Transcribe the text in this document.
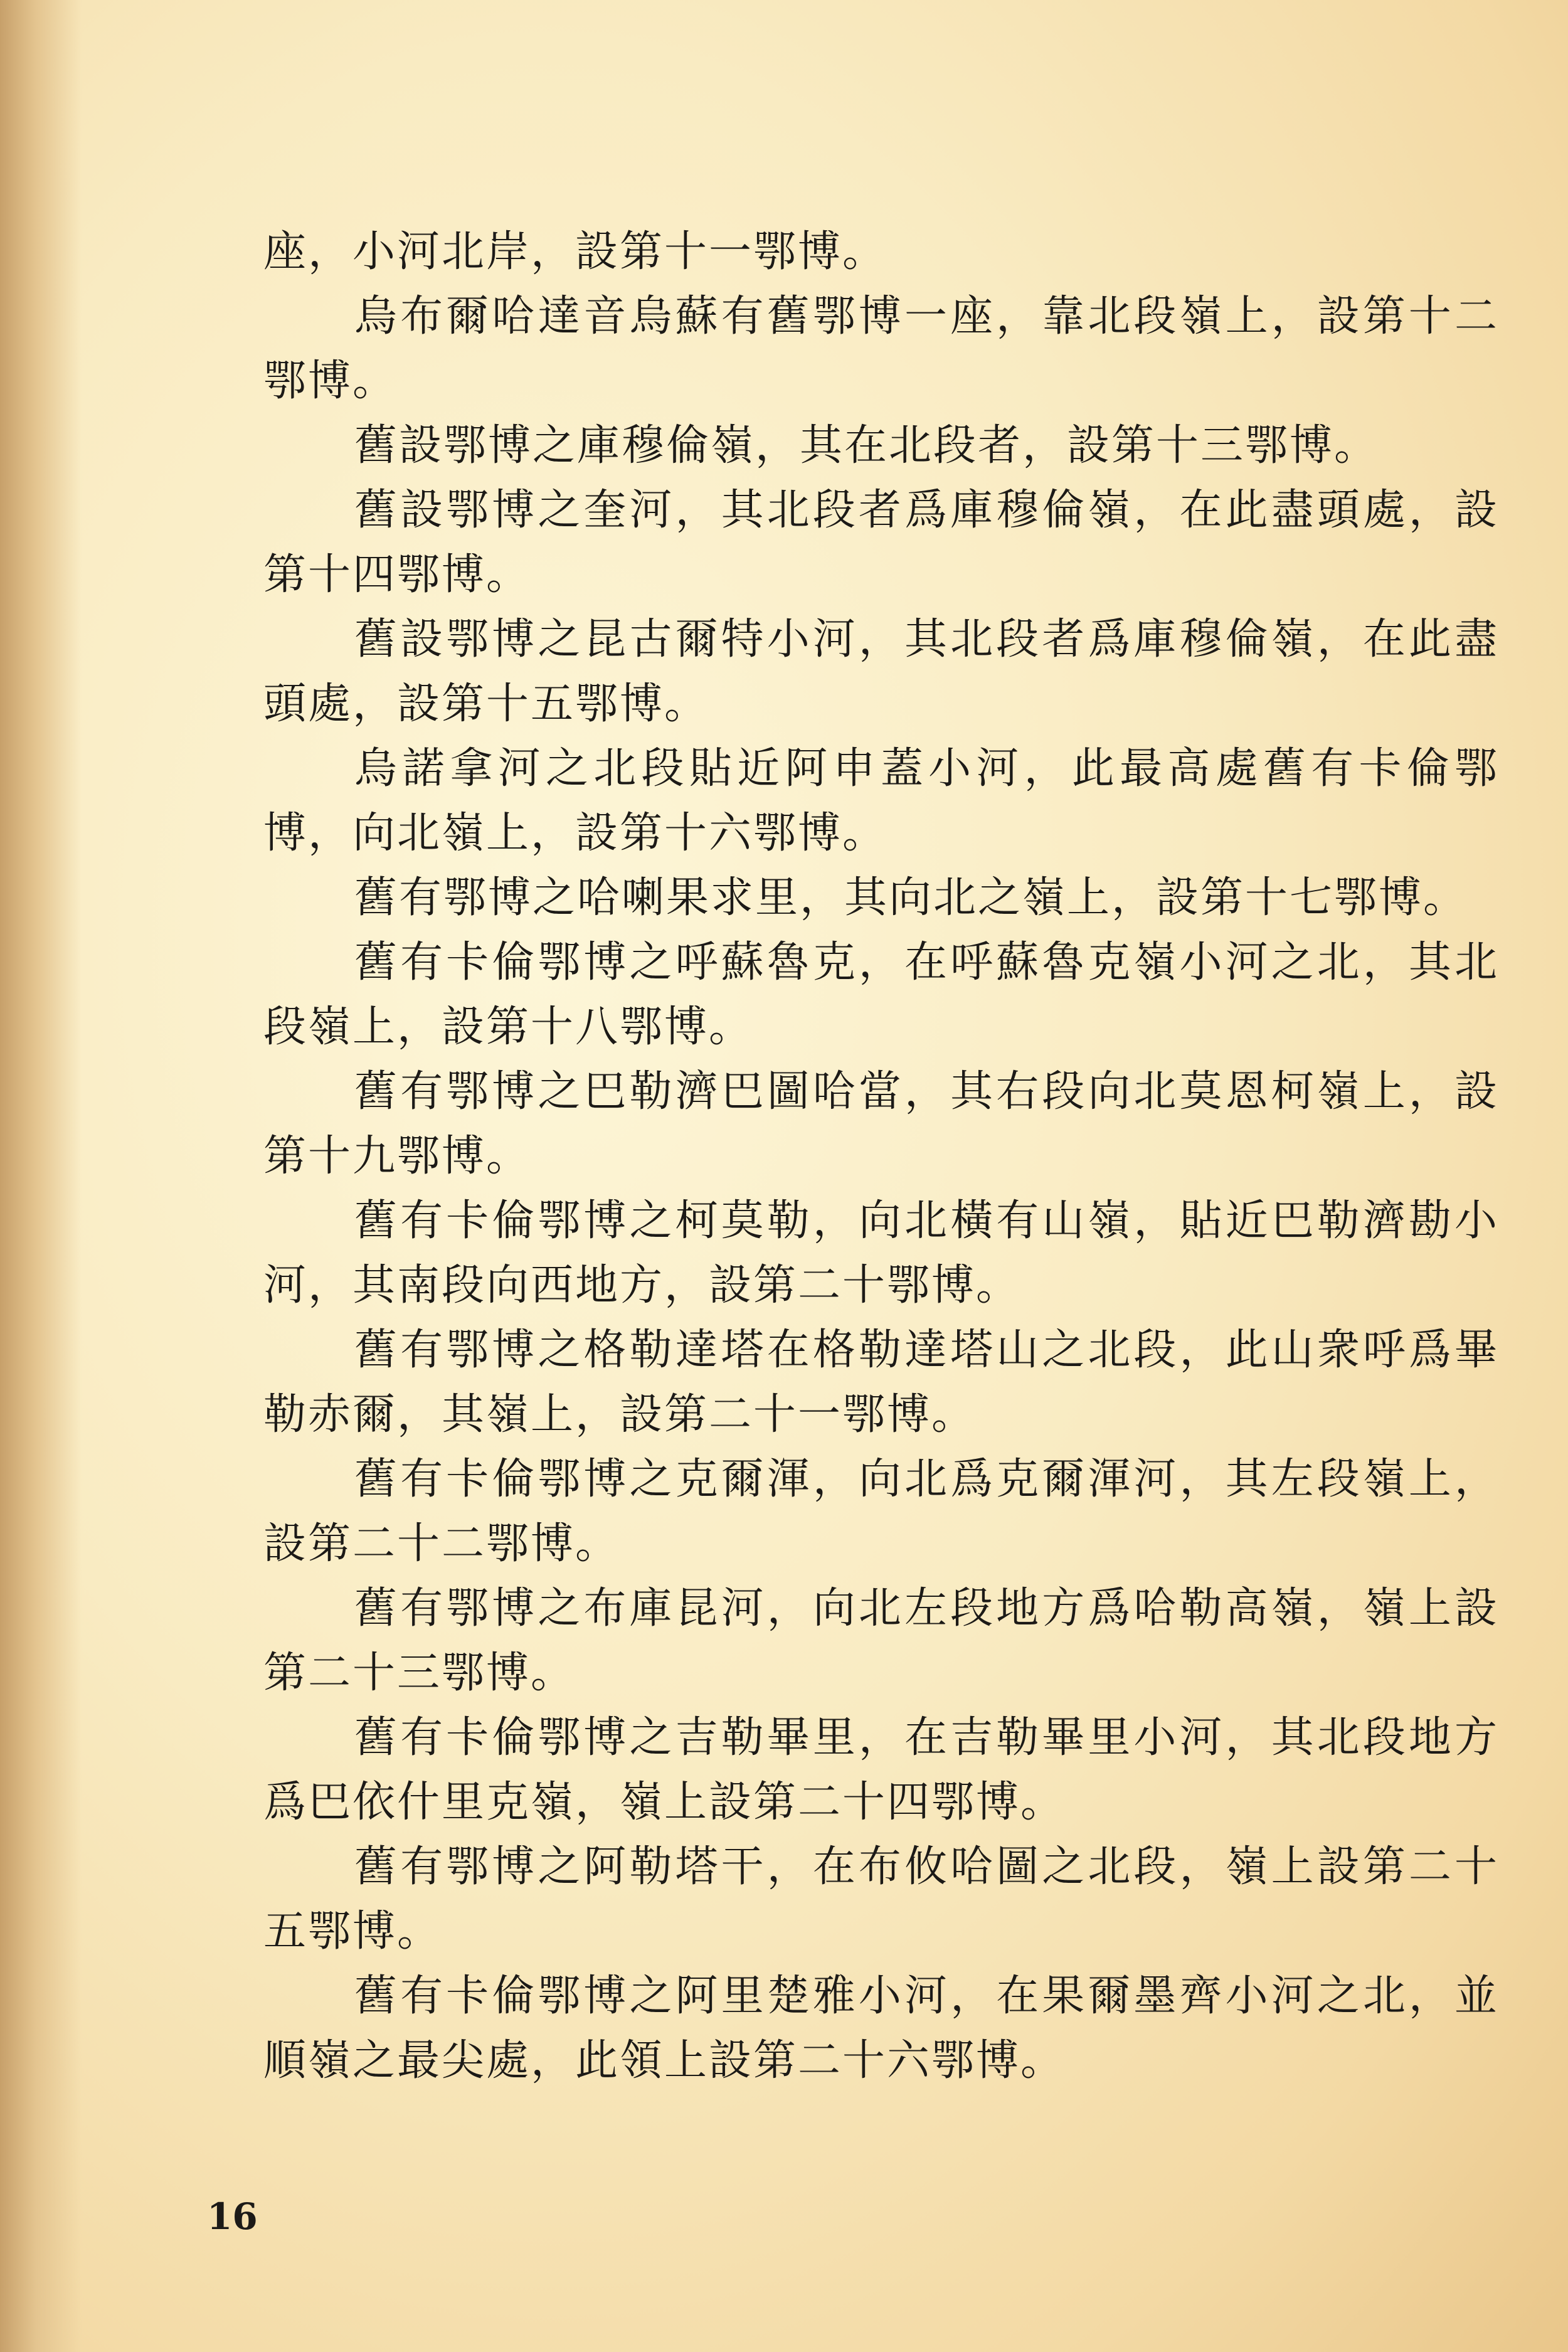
座，小河北岸，設第十一鄂博。

烏布爾哈達音烏蘇有舊鄂博一座，靠北段嶺上，設第十二鄂博。

舊設鄂博之庫穆倫嶺，其在北段者，設第十三鄂博。

舊設鄂博之奎河，其北段者爲庫穆倫嶺，在此盡頭處，設第十四鄂博。

舊設鄂博之昆古爾特小河，其北段者爲庫穆倫嶺，在此盡頭處，設第十五鄂博。

烏諾拿河之北段貼近阿申蓋小河，此最高處舊有卡倫鄂博，向北嶺上，設第十六鄂博。

舊有鄂博之哈喇果求里，其向北之嶺上，設第十七鄂博。

舊有卡倫鄂博之呼蘇魯克，在呼蘇魯克嶺小河之北，其北段嶺上，設第十八鄂博。

舊有鄂博之巴勒濟巴圖哈當，其右段向北莫恩柯嶺上，設第十九鄂博。

舊有卡倫鄂博之柯莫勒，向北橫有山嶺，貼近巴勒濟勘小河，其南段向西地方，設第二十鄂博。

舊有鄂博之格勒達塔在格勒達塔山之北段，此山衆呼爲畢勒赤爾，其嶺上，設第二十一鄂博。

舊有卡倫鄂博之克爾渾，向北爲克爾渾河，其左段嶺上，設第二十二鄂博。

舊有鄂博之布庫昆河，向北左段地方爲哈勒高嶺，嶺上設第二十三鄂博。

舊有卡倫鄂博之吉勒畢里，在吉勒畢里小河，其北段地方爲巴依什里克嶺，嶺上設第二十四鄂博。

舊有鄂博之阿勒塔干，在布攸哈圖之北段，嶺上設第二十五鄂博。

舊有卡倫鄂博之阿里楚雅小河，在果爾墨齊小河之北，並順嶺之最尖處，此領上設第二十六鄂博。

16
